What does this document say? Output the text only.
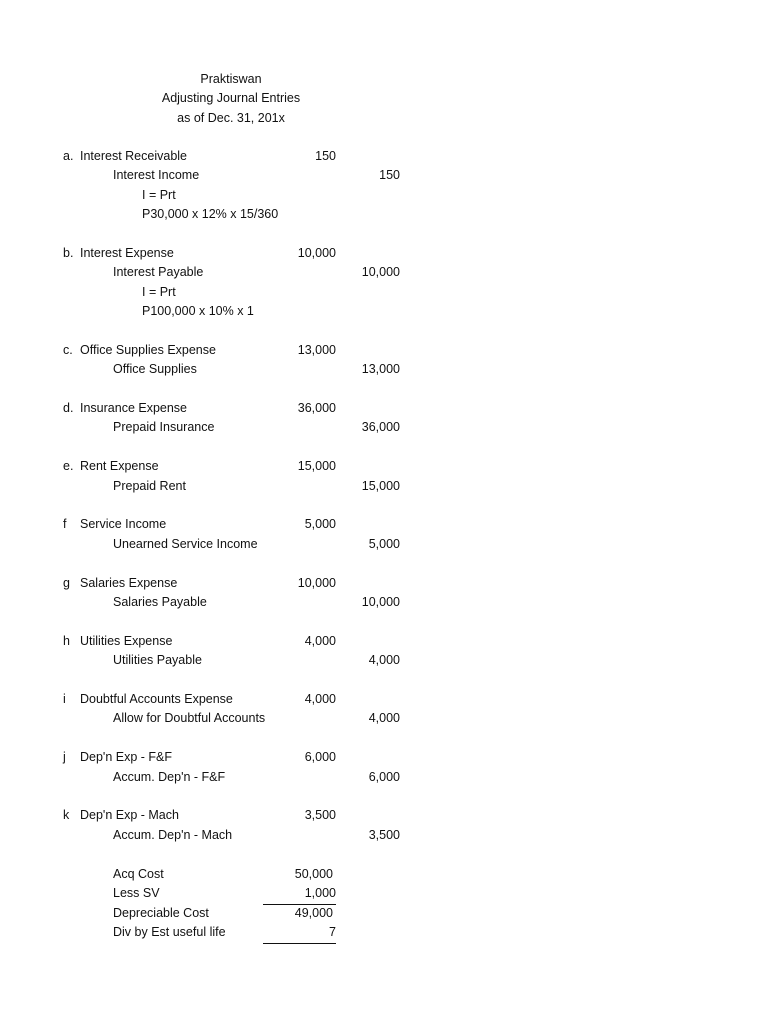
Praktiswan
Adjusting Journal Entries
as of Dec. 31, 201x
a. Interest Receivable	150
Interest Income	150
I = Prt
P30,000 x 12% x 15/360
b. Interest Expense	10,000
Interest Payable	10,000
I = Prt
P100,000 x 10% x 1
c. Office Supplies Expense	13,000
Office Supplies	13,000
d. Insurance Expense	36,000
Prepaid Insurance	36,000
e. Rent Expense	15,000
Prepaid Rent	15,000
f Service Income	5,000
Unearned Service Income	5,000
g Salaries Expense	10,000
Salaries Payable	10,000
h Utilities Expense	4,000
Utilities Payable	4,000
i Doubtful Accounts Expense	4,000
Allow for Doubtful Accounts	4,000
j Dep'n Exp - F&F	6,000
Accum. Dep'n - F&F	6,000
k Dep'n Exp - Mach	3,500
Accum. Dep'n - Mach	3,500
Acq Cost	50,000
Less SV	1,000
Depreciable Cost	49,000
Div by Est useful life	7
